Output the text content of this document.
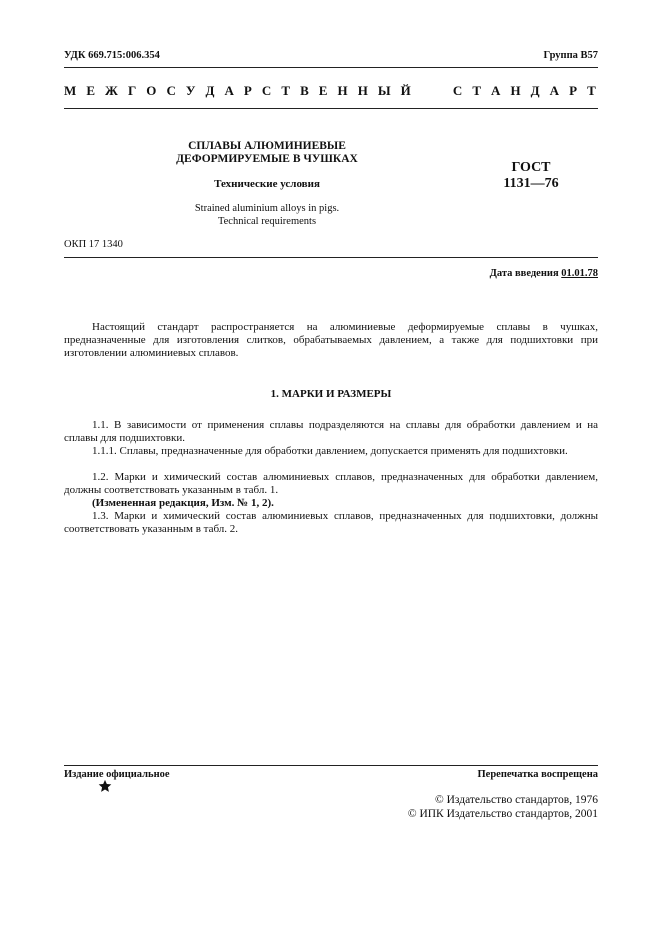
УДК 669.715:006.354	Группа В57
М Е Ж Г О С У Д А Р С Т В Е Н Н Ы Й	С Т А Н Д А Р Т
СПЛАВЫ АЛЮМИНИЕВЫЕ
ДЕФОРМИРУЕМЫЕ В ЧУШКАХ
Технические условия
Strained aluminium alloys in pigs.
Technical requirements
ГОСТ
1131—76
ОКП 17 1340
Дата введения 01.01.78
Настоящий стандарт распространяется на алюминиевые деформируемые сплавы в чушках, предназначенные для изготовления слитков, обрабатываемых давлением, а также для подшихтовки при изготовлении алюминиевых сплавов.
1. МАРКИ И РАЗМЕРЫ
1.1. В зависимости от применения сплавы подразделяются на сплавы для обработки давлением и на сплавы для подшихтовки.
1.1.1. Сплавы, предназначенные для обработки давлением, допускается применять для подшихтовки.
1.2. Марки и химический состав алюминиевых сплавов, предназначенных для обработки давлением, должны соответствовать указанным в табл. 1.
(Измененная редакция, Изм. № 1, 2).
1.3. Марки и химический состав алюминиевых сплавов, предназначенных для подшихтовки, должны соответствовать указанным в табл. 2.
Издание официальное	Перепечатка воспрещена
© Издательство стандартов, 1976
© ИПК Издательство стандартов, 2001
